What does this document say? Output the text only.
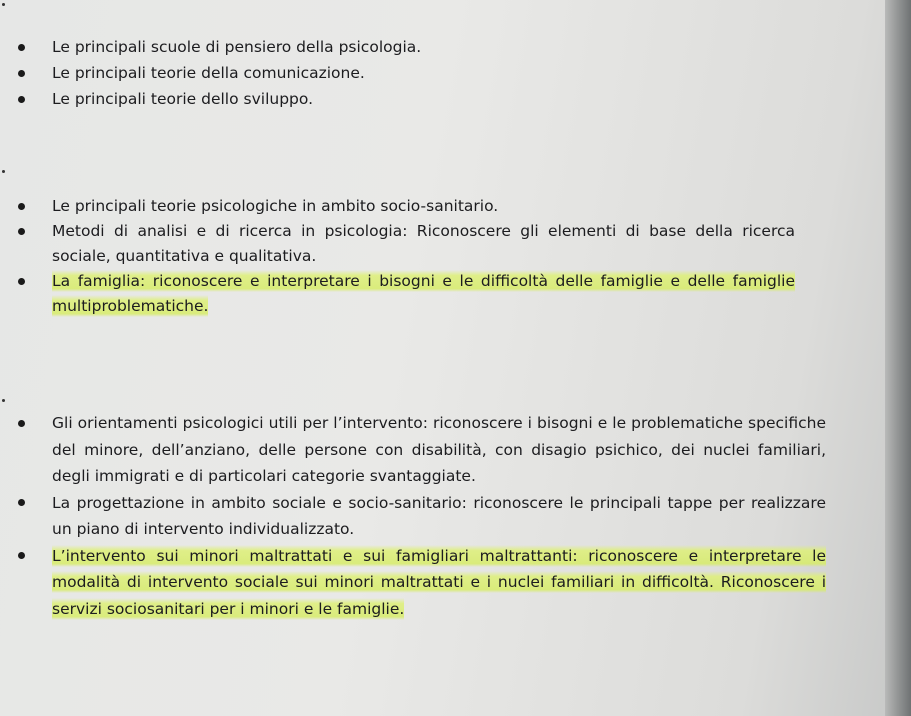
Le principali scuole di pensiero della psicologia.
Le principali teorie della comunicazione.
Le principali teorie dello sviluppo.
Le principali teorie psicologiche in ambito socio-sanitario.
Metodi di analisi e di ricerca in psicologia: Riconoscere gli elementi di base della ricerca sociale, quantitativa e qualitativa.
La famiglia: riconoscere e interpretare i bisogni e le difficoltà delle famiglie e delle famiglie multiproblematiche.
Gli orientamenti psicologici utili per l’intervento: riconoscere i bisogni e le problematiche specifiche del minore, dell’anziano, delle persone con disabilità, con disagio psichico, dei nuclei familiari, degli immigrati e di particolari categorie svantaggiate.
La progettazione in ambito sociale e socio-sanitario: riconoscere le principali tappe per realizzare un piano di intervento individualizzato.
L’intervento sui minori maltrattati e sui famigliari maltrattanti: riconoscere e interpretare le modalità di intervento sociale sui minori maltrattati e i nuclei familiari in difficoltà. Riconoscere i servizi sociosanitari per i minori e le famiglie.
